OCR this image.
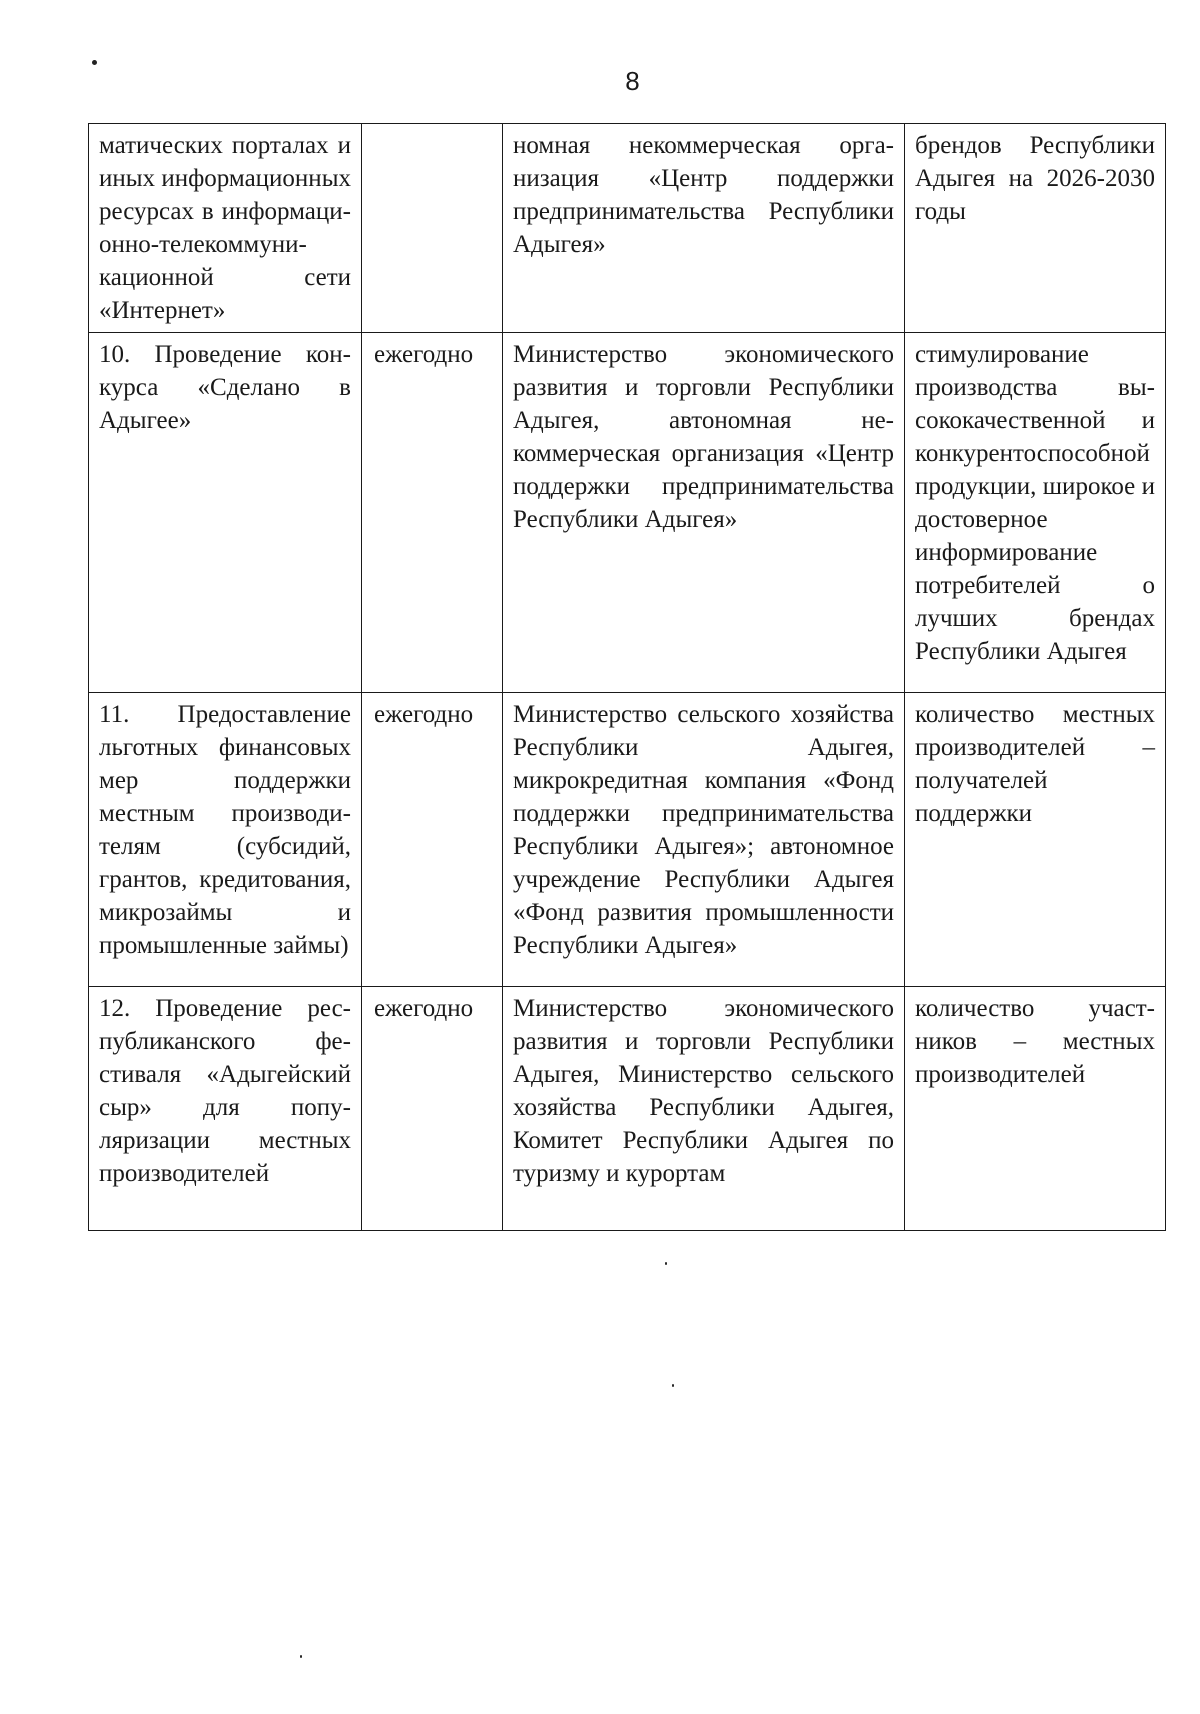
8
матических порталах и иных информационных ресурсах в информационно-телекоммуникационной сети «Интернет»		номная некоммерческая организация «Центр поддержки предпринимательства Республики Адыгея»	брендов Республики Адыгея на 2026-2030 годы
10. Проведение конкурса «Сделано в Адыгее»	ежегодно	Министерство экономического развития и торговли Республики Адыгея, автономная некоммерческая организация «Центр поддержки предпринимательства Республики Адыгея»	стимулирование производства высококачественной и конкурентоспособной продукции, широкое и достоверное информирование потребителей о лучших брендах Республики Адыгея
11. Предоставление льготных финансовых мер поддержки местным производителям (субсидий, грантов, кредитования, микрозаймы и промышленные займы)	ежегодно	Министерство сельского хозяйства Республики Адыгея, микрокредитная компания «Фонд поддержки предпринимательства Республики Адыгея»; автономное учреждение Республики Адыгея «Фонд развития промышленности Республики Адыгея»	количество местных производителей – получателей поддержки
12. Проведение республиканского фестиваля «Адыгейский сыр» для популяризации местных производителей	ежегодно	Министерство экономического развития и торговли Республики Адыгея, Министерство сельского хозяйства Республики Адыгея, Комитет Республики Адыгея по туризму и курортам	количество участников – местных производителей
